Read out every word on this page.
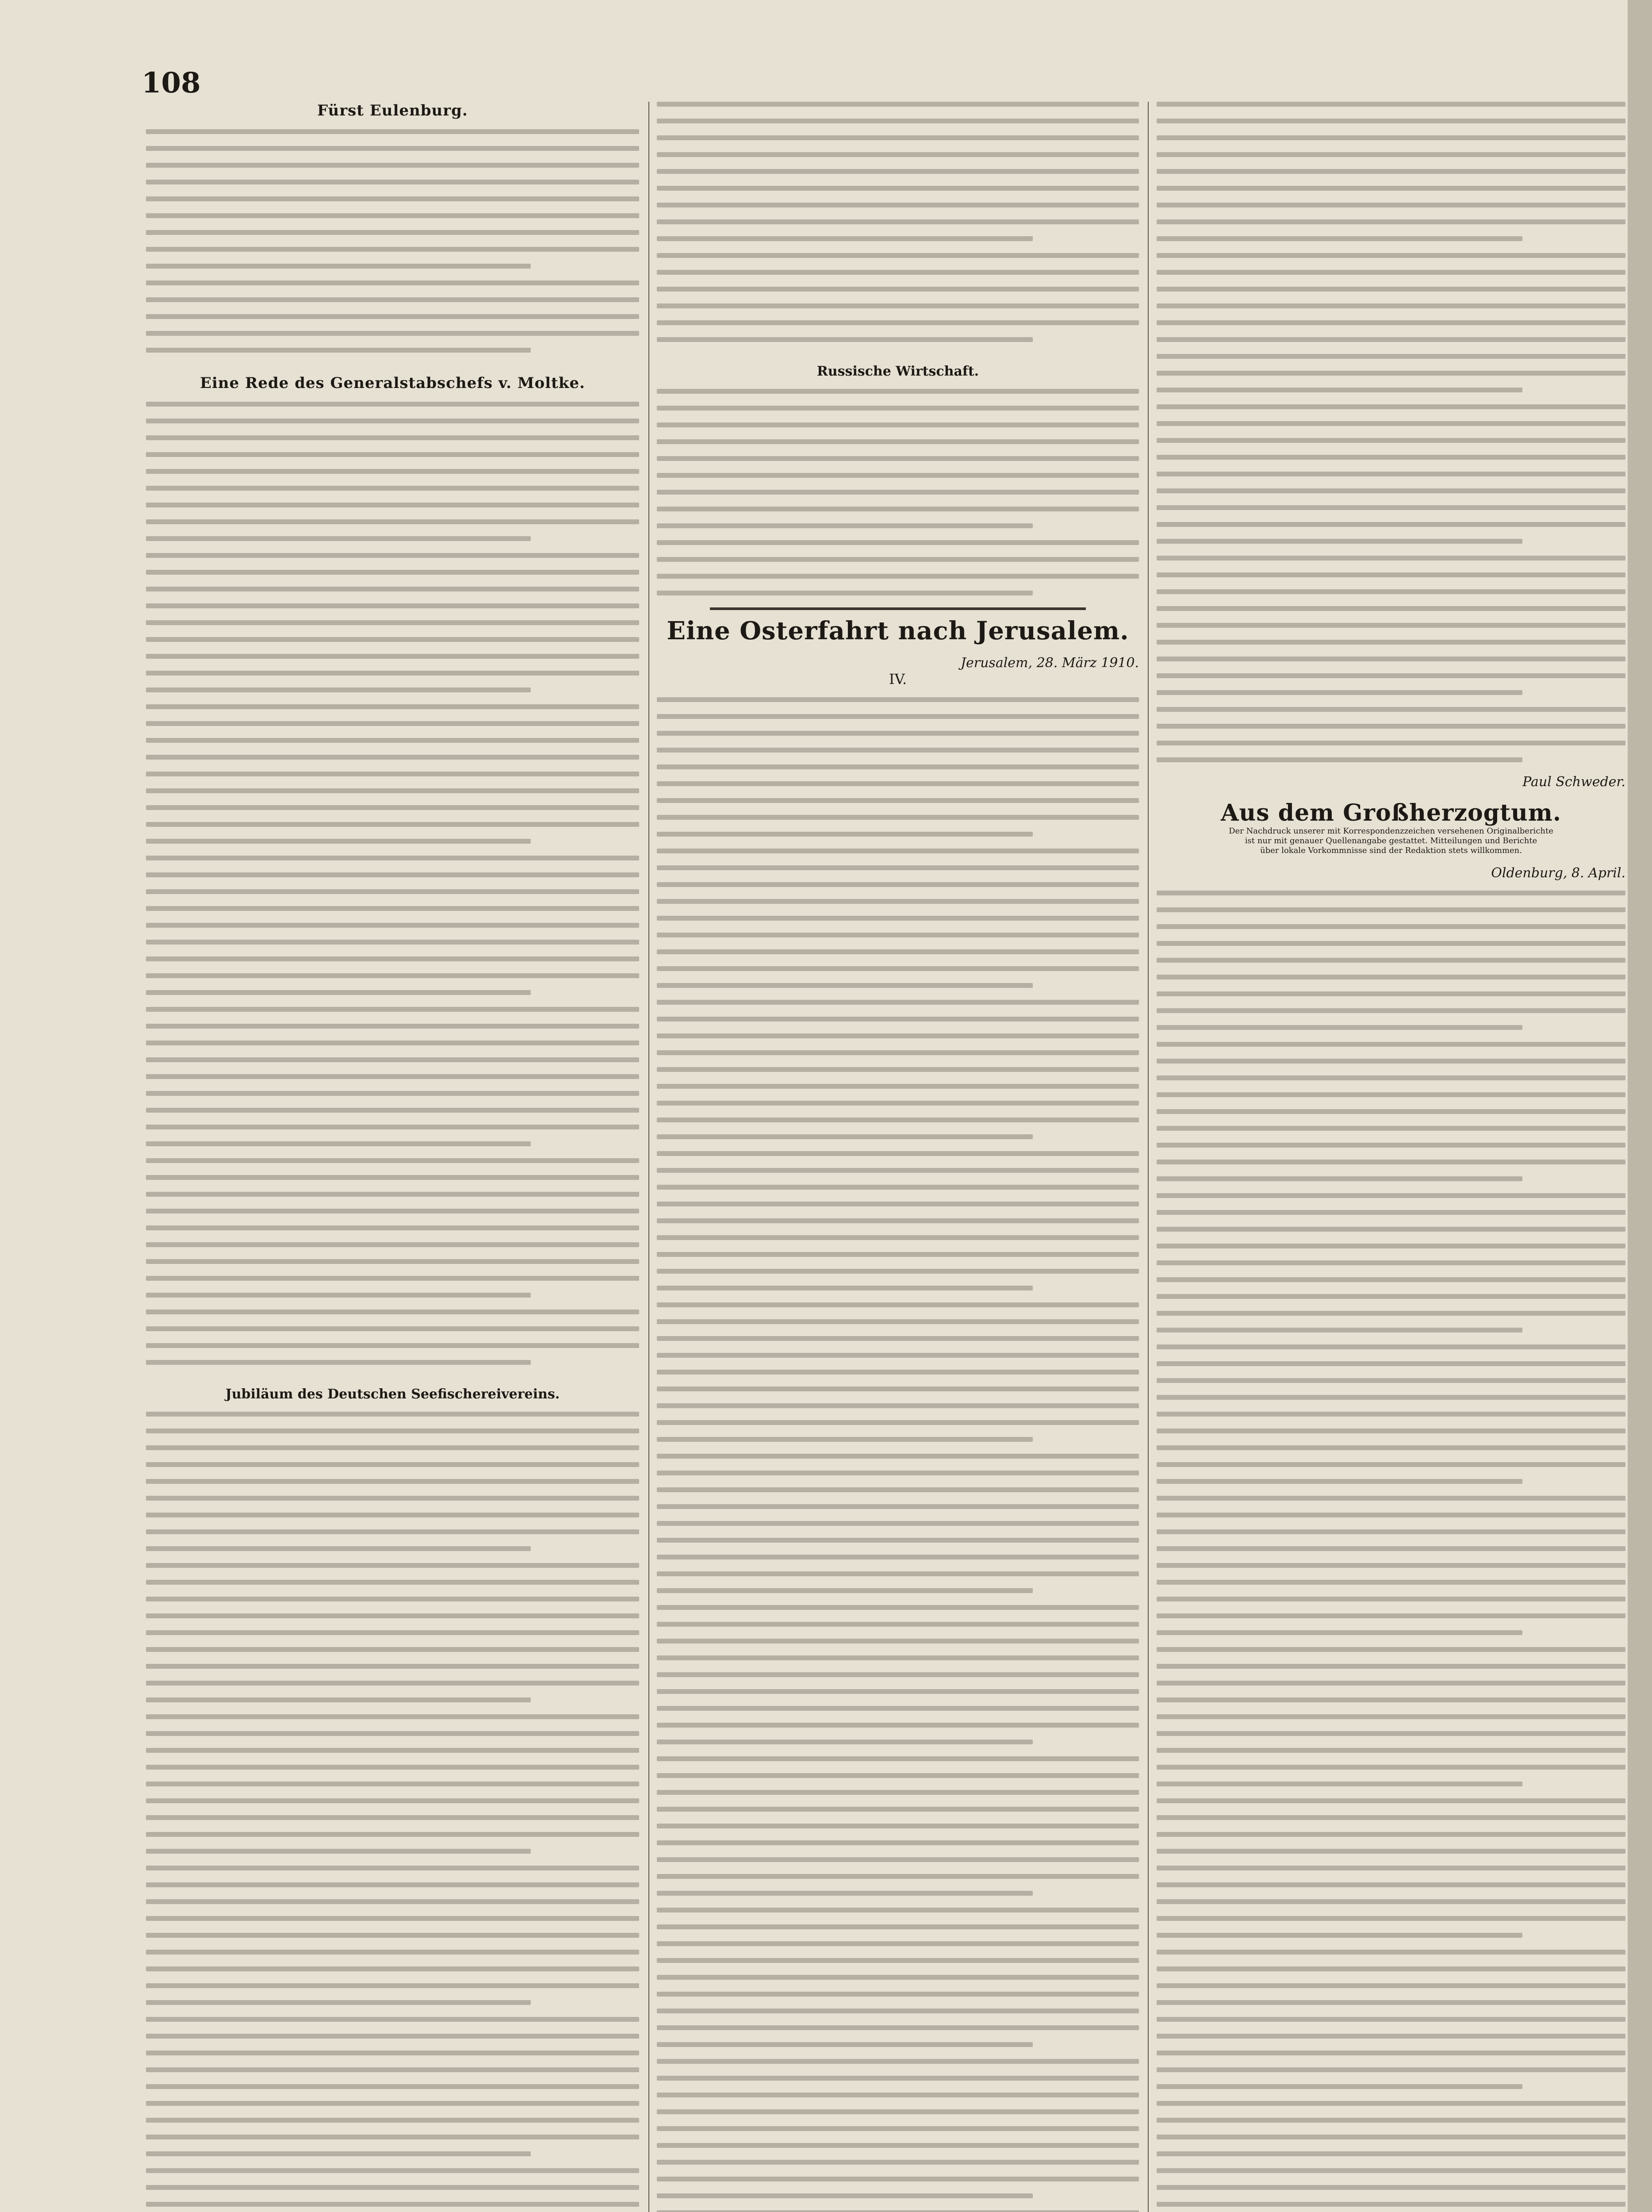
108
Fürst Eulenburg.
Eine Rede des Generalstabschefs v. Moltke.
Jubiläum des Deutschen Seefischereivereins.
Russische Wirtschaft.
Eine Osterfahrt nach Jerusalem.

Jerusalem, 28. März 1910.

IV.

Paul Schweder.

Aus dem Großherzogtum.

Der Nachdruck unserer mit Korrespondenzzeichen versehenen Originalberichte

ist nur mit genauer Quellenangabe gestattet. Mitteilungen und Berichte

über lokale Vorkommnisse sind der Redaktion stets willkommen.

Oldenburg, 8. April.
